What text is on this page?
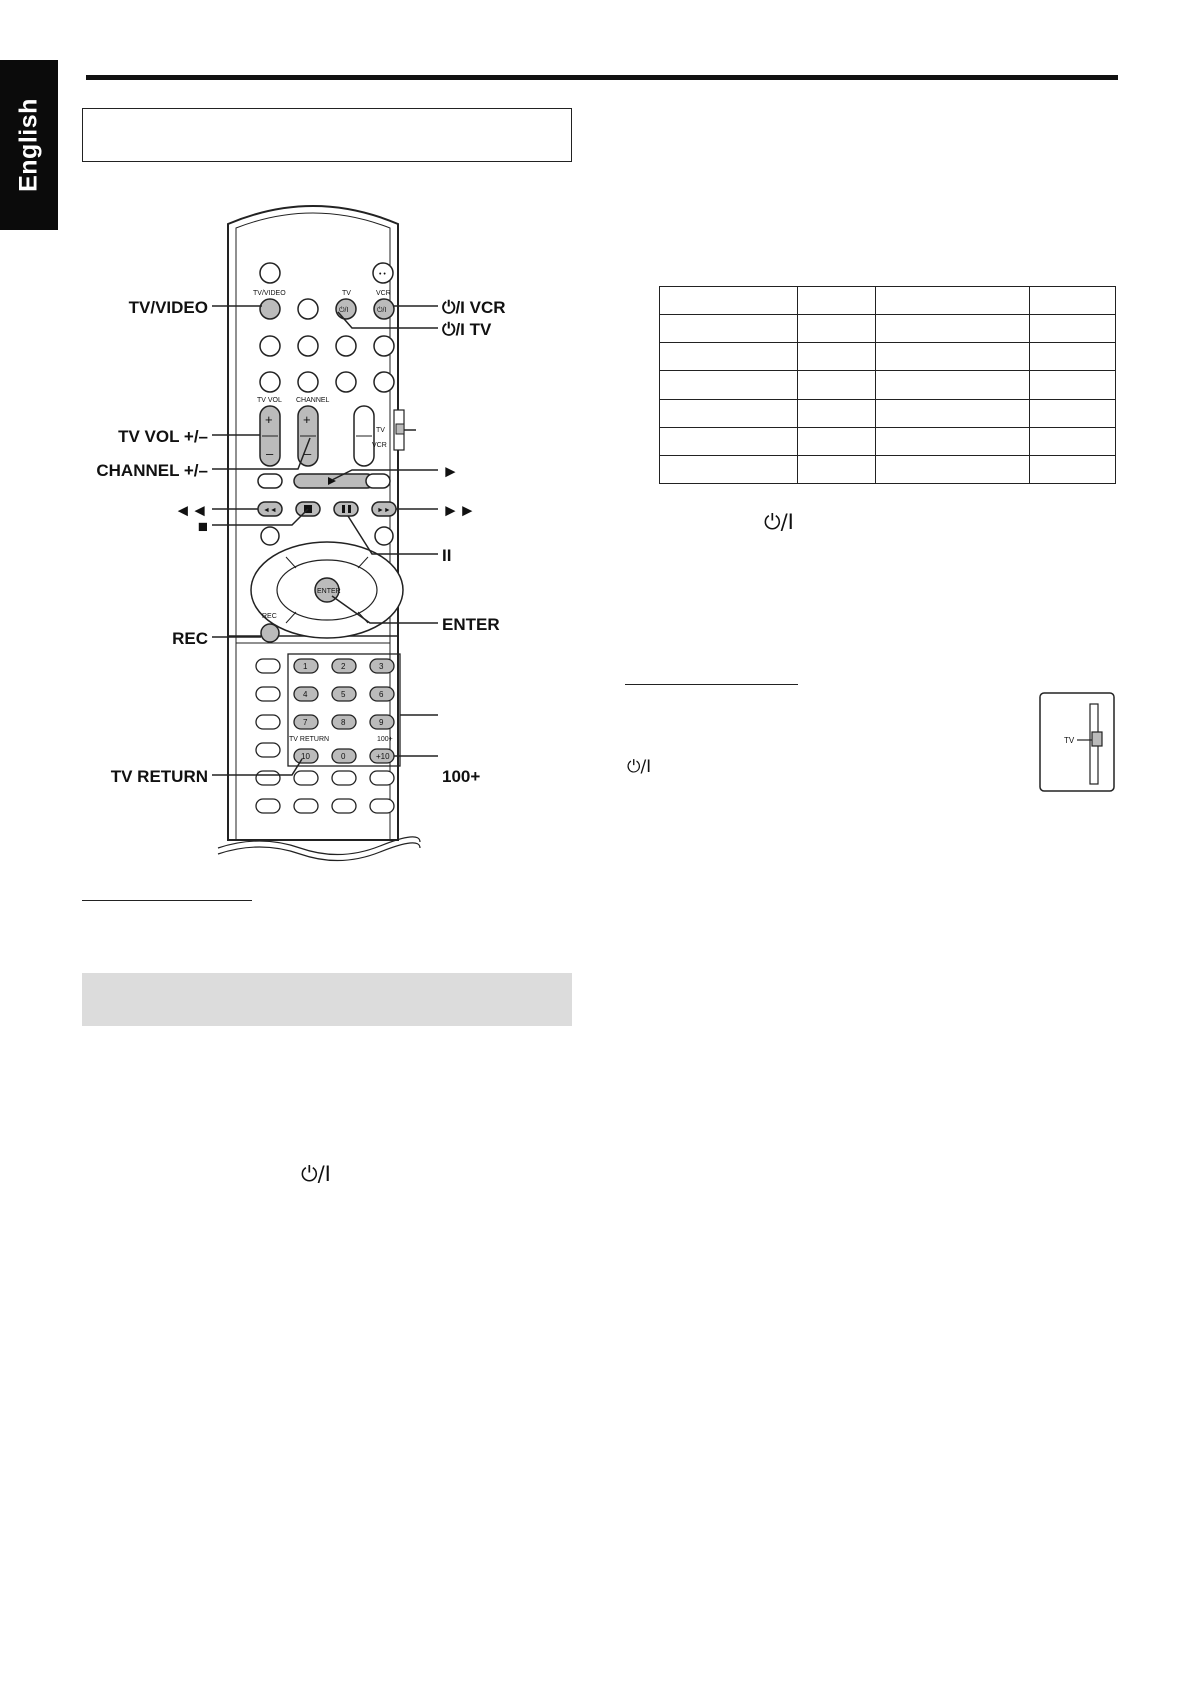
English
• •
TV/VIDEO	TV	VCR
⏻/I	⏻/I
TV VOL CHANNEL
+
–
+
–
TV
VCR
◄◄	►►
ENTER
REC
1	2	3
4	5	6
7	8	9
TV RETURN	100+
10	0	+10
TV/VIDEO
TV VOL +/–
CHANNEL +/–
◄◄
■
REC
TV RETURN
⏻/I VCR
⏻/I TV
►
►►
II
ENTER
100+
⏻/I

⏻/I
⏻/I
TV
